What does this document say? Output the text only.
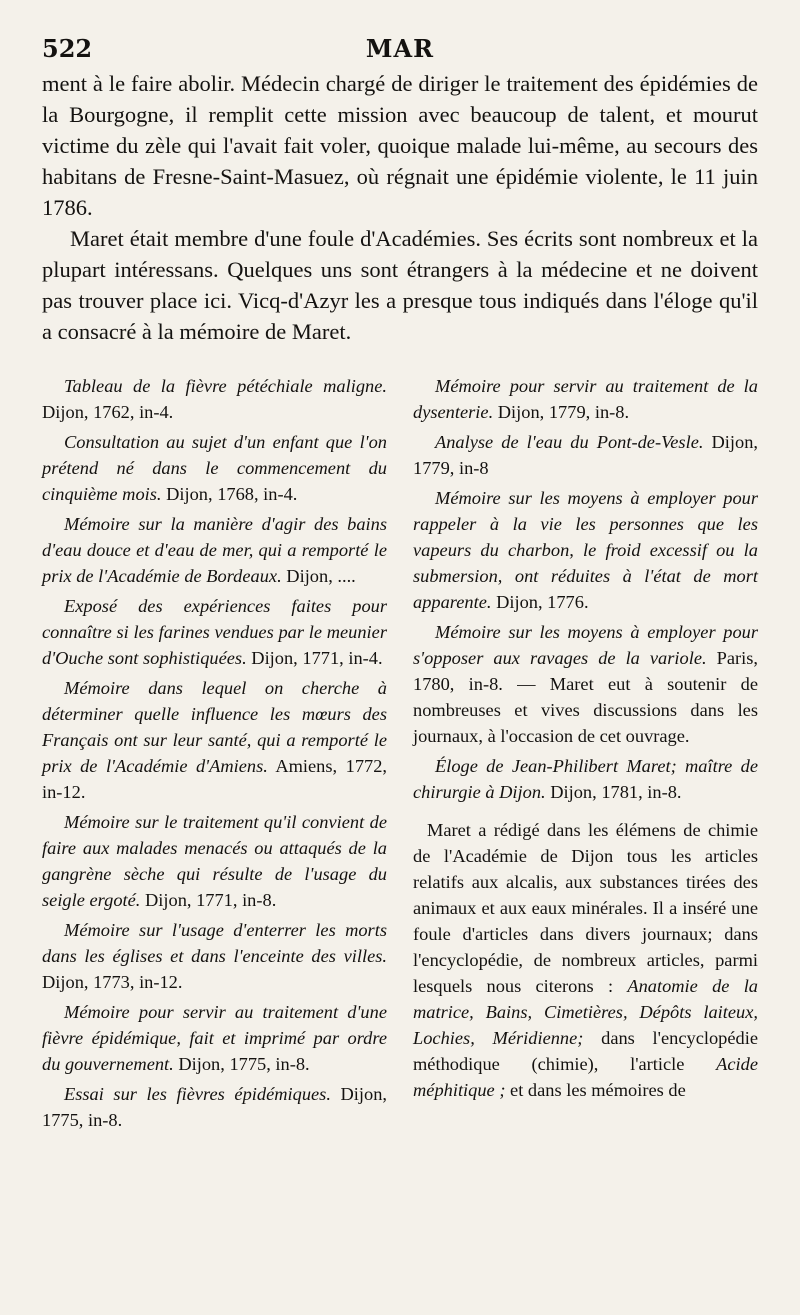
522	MAR

ment à le faire abolir. Médecin chargé de diriger le traitement des épidémies de la Bourgogne, il remplit cette mission avec beaucoup de talent, et mourut victime du zèle qui l'avait fait voler, quoique malade lui-même, au secours des habitans de Fresne-Saint-Masuez, où régnait une épidémie violente, le 11 juin 1786.

Maret était membre d'une foule d'Académies. Ses écrits sont nombreux et la plupart intéressans. Quelques uns sont étrangers à la médecine et ne doivent pas trouver place ici. Vicq-d'Azyr les a presque tous indiqués dans l'éloge qu'il a consacré à la mémoire de Maret.

Tableau de la fièvre pétéchiale maligne. Dijon, 1762, in-4.

Consultation au sujet d'un enfant que l'on prétend né dans le commencement du cinquième mois. Dijon, 1768, in-4.

Mémoire sur la manière d'agir des bains d'eau douce et d'eau de mer, qui a remporté le prix de l'Académie de Bordeaux. Dijon, ....

Exposé des expériences faites pour connaître si les farines vendues par le meunier d'Ouche sont sophistiquées. Dijon, 1771, in-4.

Mémoire dans lequel on cherche à déterminer quelle influence les mœurs des Français ont sur leur santé, qui a remporté le prix de l'Académie d'Amiens. Amiens, 1772, in-12.

Mémoire sur le traitement qu'il convient de faire aux malades menacés ou attaqués de la gangrène sèche qui résulte de l'usage du seigle ergoté. Dijon, 1771, in-8.

Mémoire sur l'usage d'enterrer les morts dans les églises et dans l'enceinte des villes. Dijon, 1773, in-12.

Mémoire pour servir au traitement d'une fièvre épidémique, fait et imprimé par ordre du gouvernement. Dijon, 1775, in-8.

Essai sur les fièvres épidémiques. Dijon, 1775, in-8.

Mémoire pour servir au traitement de la dysenterie. Dijon, 1779, in-8.

Analyse de l'eau du Pont-de-Vesle. Dijon, 1779, in-8

Mémoire sur les moyens à employer pour rappeler à la vie les personnes que les vapeurs du charbon, le froid excessif ou la submersion, ont réduites à l'état de mort apparente. Dijon, 1776.

Mémoire sur les moyens à employer pour s'opposer aux ravages de la variole. Paris, 1780, in-8. — Maret eut à soutenir de nombreuses et vives discussions dans les journaux, à l'occasion de cet ouvrage.

Éloge de Jean-Philibert Maret; maître de chirurgie à Dijon. Dijon, 1781, in-8.

Maret a rédigé dans les élémens de chimie de l'Académie de Dijon tous les articles relatifs aux alcalis, aux substances tirées des animaux et aux eaux minérales. Il a inséré une foule d'articles dans divers journaux; dans l'encyclopédie, de nombreux articles, parmi lesquels nous citerons : Anatomie de la matrice, Bains, Cimetières, Dépôts laiteux, Lochies, Méridienne; dans l'encyclopédie méthodique (chimie), l'article Acide méphitique ; et dans les mémoires de
